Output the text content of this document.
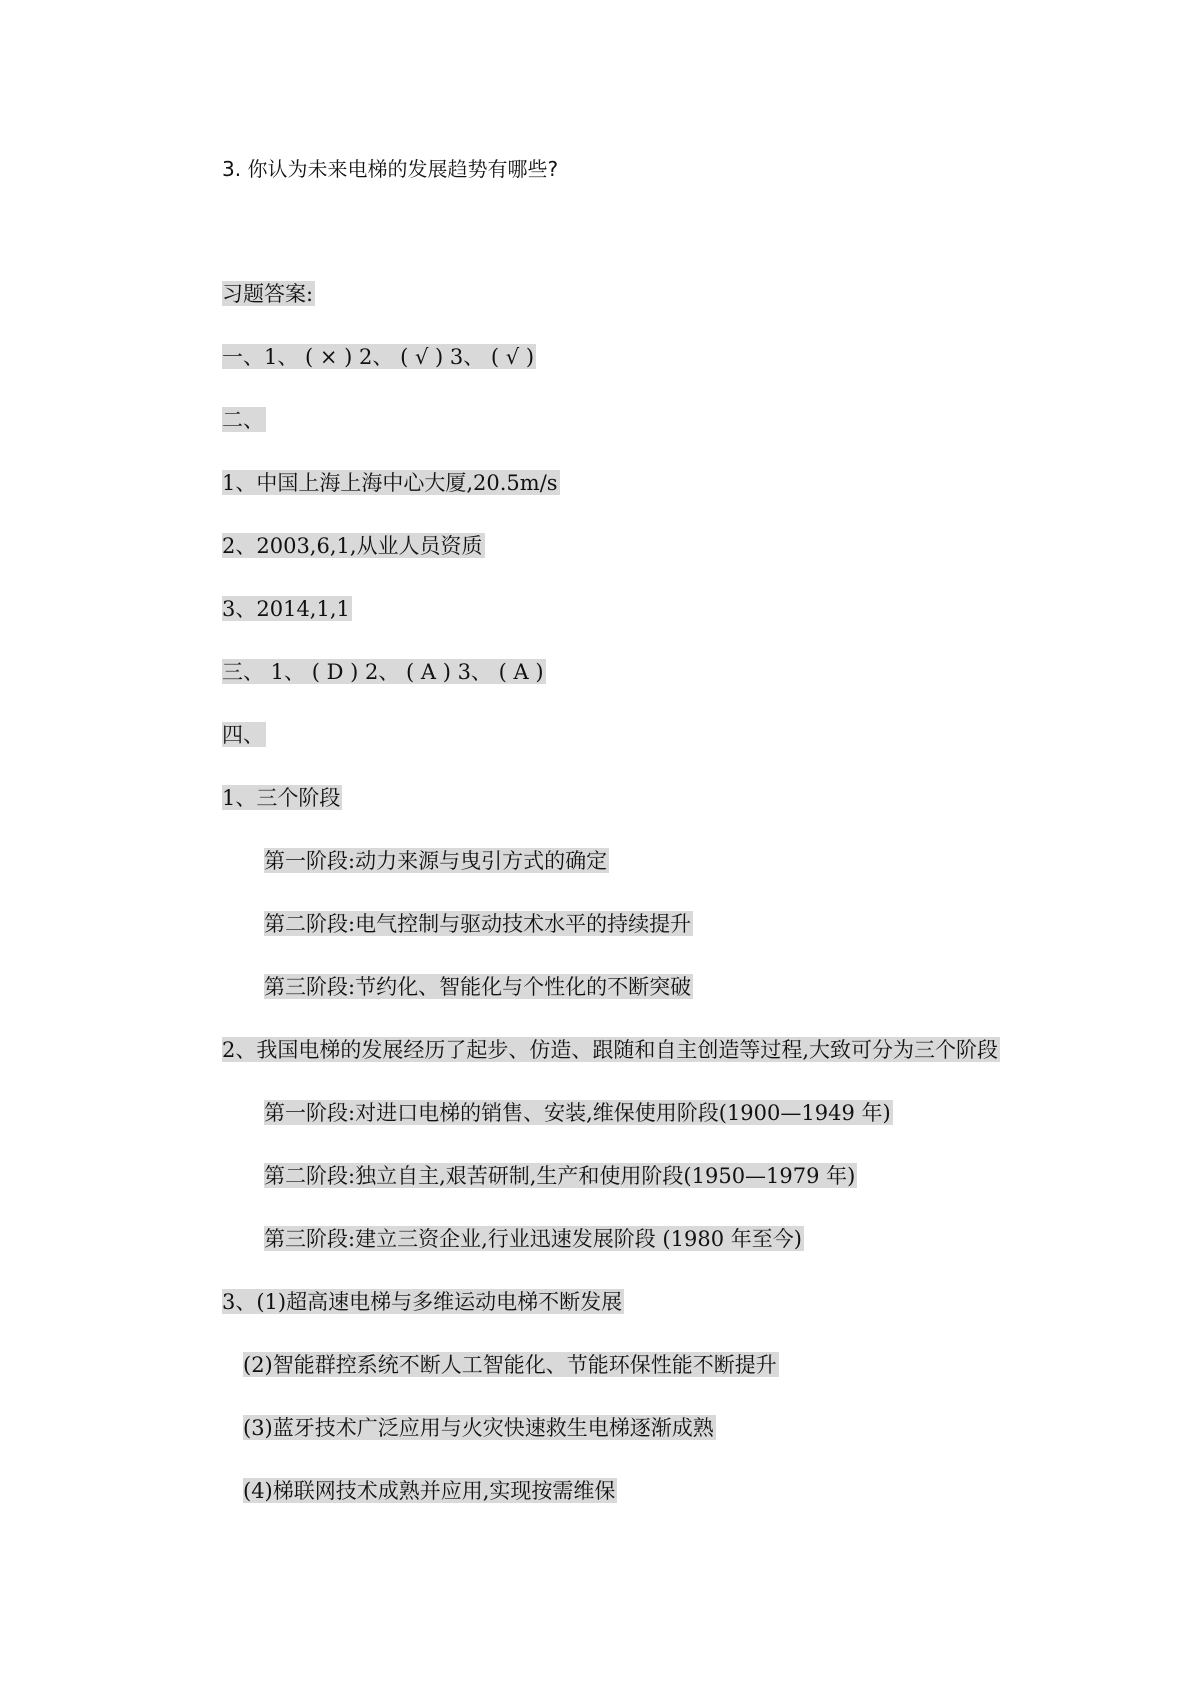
3. 你认为未来电梯的发展趋势有哪些?
习题答案:
一、1、 ( × ) 2、 ( √ ) 3、 ( √ )
二、
1、中国上海上海中心大厦,20.5m/s
2、2003,6,1,从业人员资质
3、2014,1,1
三、 1、 ( D ) 2、 ( A ) 3、 ( A )
四、
1、三个阶段
第一阶段:动力来源与曳引方式的确定
第二阶段:电气控制与驱动技术水平的持续提升
第三阶段:节约化、智能化与个性化的不断突破
2、我国电梯的发展经历了起步、仿造、跟随和自主创造等过程,大致可分为三个阶段
第一阶段:对进口电梯的销售、安装,维保使用阶段(1900—1949 年)
第二阶段:独立自主,艰苦研制,生产和使用阶段(1950—1979 年)
第三阶段:建立三资企业,行业迅速发展阶段 (1980 年至今)
3、(1)超高速电梯与多维运动电梯不断发展
(2)智能群控系统不断人工智能化、节能环保性能不断提升
(3)蓝牙技术广泛应用与火灾快速救生电梯逐渐成熟
(4)梯联网技术成熟并应用,实现按需维保
